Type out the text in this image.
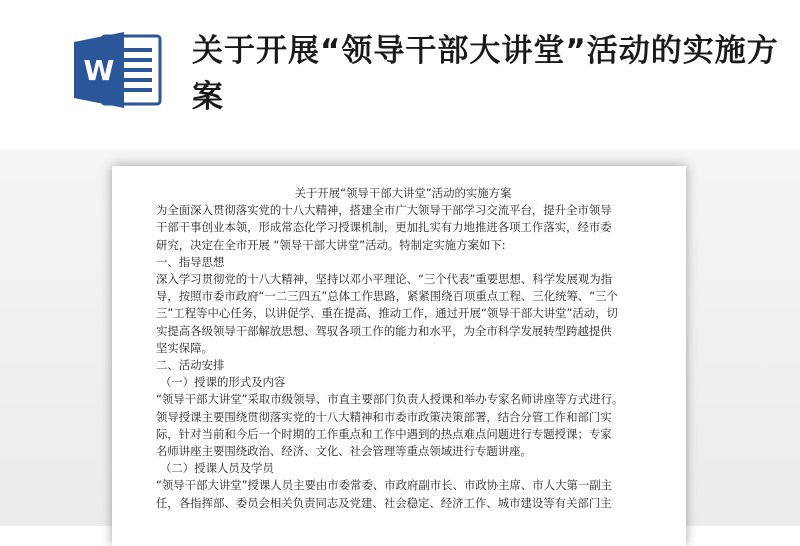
W
关于开展“领导干部大讲堂”活动的实施方案

关于开展“领导干部大讲堂”活动的实施方案

为全面深入贯彻落实党的十八大精神，搭建全市广大领导干部学习交流平台，提升全市领导

干部干事创业本领，形成常态化学习授课机制，更加扎实有力地推进各项工作落实，经市委

研究，决定在全市开展 “领导干部大讲堂”活动。特制定实施方案如下:

一、指导思想

深入学习贯彻党的十八大精神，坚持以邓小平理论、“三个代表”重要思想、科学发展观为指

导，按照市委市政府“一二三四五”总体工作思路，紧紧围绕百项重点工程、三化统筹、“三个

三”工程等中心任务，以讲促学、重在提高、推动工作，通过开展“领导干部大讲堂”活动，切

实提高各级领导干部解放思想、驾驭各项工作的能力和水平，为全市科学发展转型跨越提供

坚实保障。

二、活动安排

（一）授课的形式及内容

“领导干部大讲堂”采取市级领导、市直主要部门负责人授课和举办专家名师讲座等方式进行。

领导授课主要围绕贯彻落实党的十八大精神和市委市政策决策部署，结合分管工作和部门实

际，针对当前和今后一个时期的工作重点和工作中遇到的热点难点问题进行专题授课；专家

名师讲座主要围绕政治、经济、文化、社会管理等重点领域进行专题讲座。

（二）授课人员及学员

“领导干部大讲堂”授课人员主要由市委常委、市政府副市长、市政协主席、市人大第一副主

任，各指挥部、委员会相关负责同志及党建、社会稳定、经济工作、城市建设等有关部门主
